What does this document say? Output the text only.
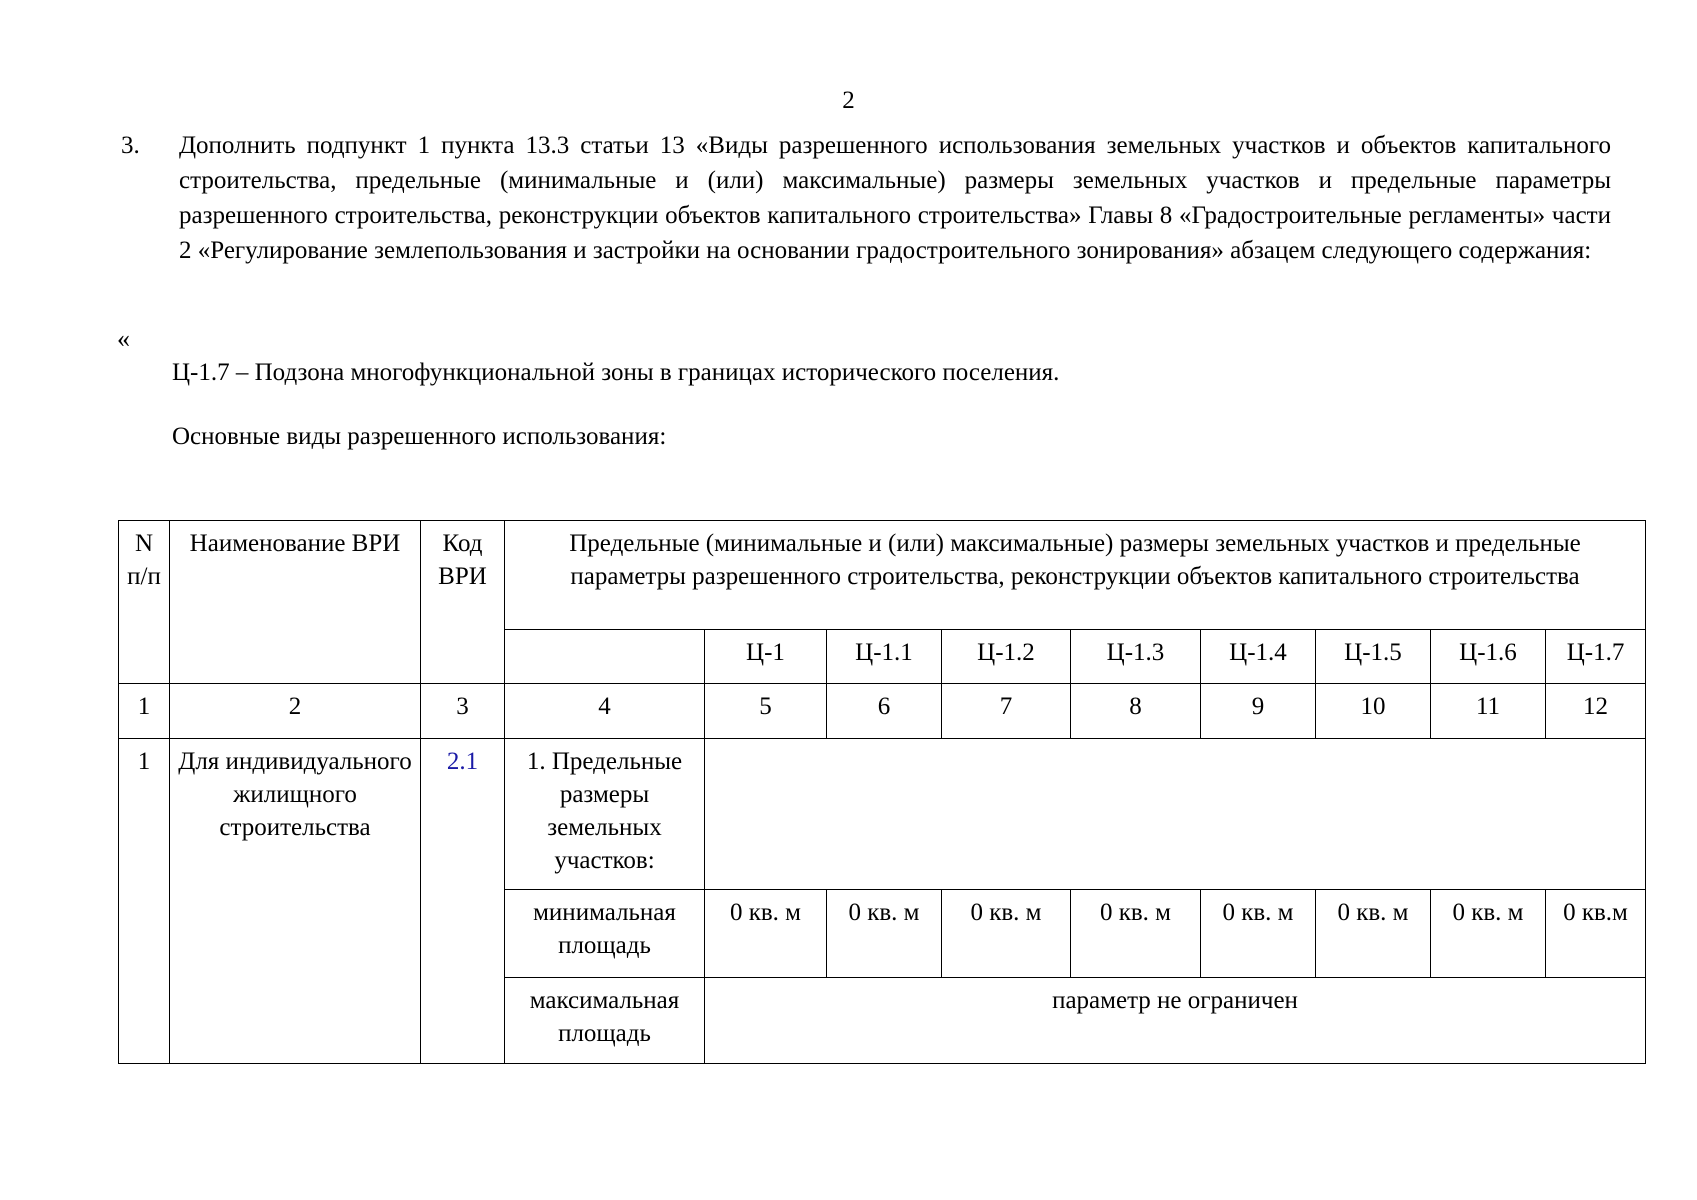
2
3. Дополнить подпункт 1 пункта 13.3 статьи 13 «Виды разрешенного использования земельных участков и объектов капитального строительства, предельные (минимальные и (или) максимальные) размеры земельных участков и предельные параметры разрешенного строительства, реконструкции объектов капитального строительства» Главы 8 «Градостроительные регламенты» части 2 «Регулирование землепользования и застройки на основании градостроительного зонирования» абзацем следующего содержания:
«
Ц-1.7 – Подзона многофункциональной зоны в границах исторического поселения.
Основные виды разрешенного использования:
N п/п	Наименование ВРИ	Код ВРИ	Предельные (минимальные и (или) максимальные) размеры земельных участков и предельные параметры разрешенного строительства, реконструкции объектов капитального строительства								
				Ц-1	Ц-1.1	Ц-1.2	Ц-1.3	Ц-1.4	Ц-1.5	Ц-1.6	Ц-1.7
1	2	3	4	5	6	7	8	9	10	11	12
1	Для индивидуального жилищного строительства	2.1	1. Предельные размеры земельных участков:								
			минимальная площадь	0 кв. м	0 кв. м	0 кв. м	0 кв. м	0 кв. м	0 кв. м	0 кв. м	0 кв.м
			максимальная площадь	параметр не ограничен							
